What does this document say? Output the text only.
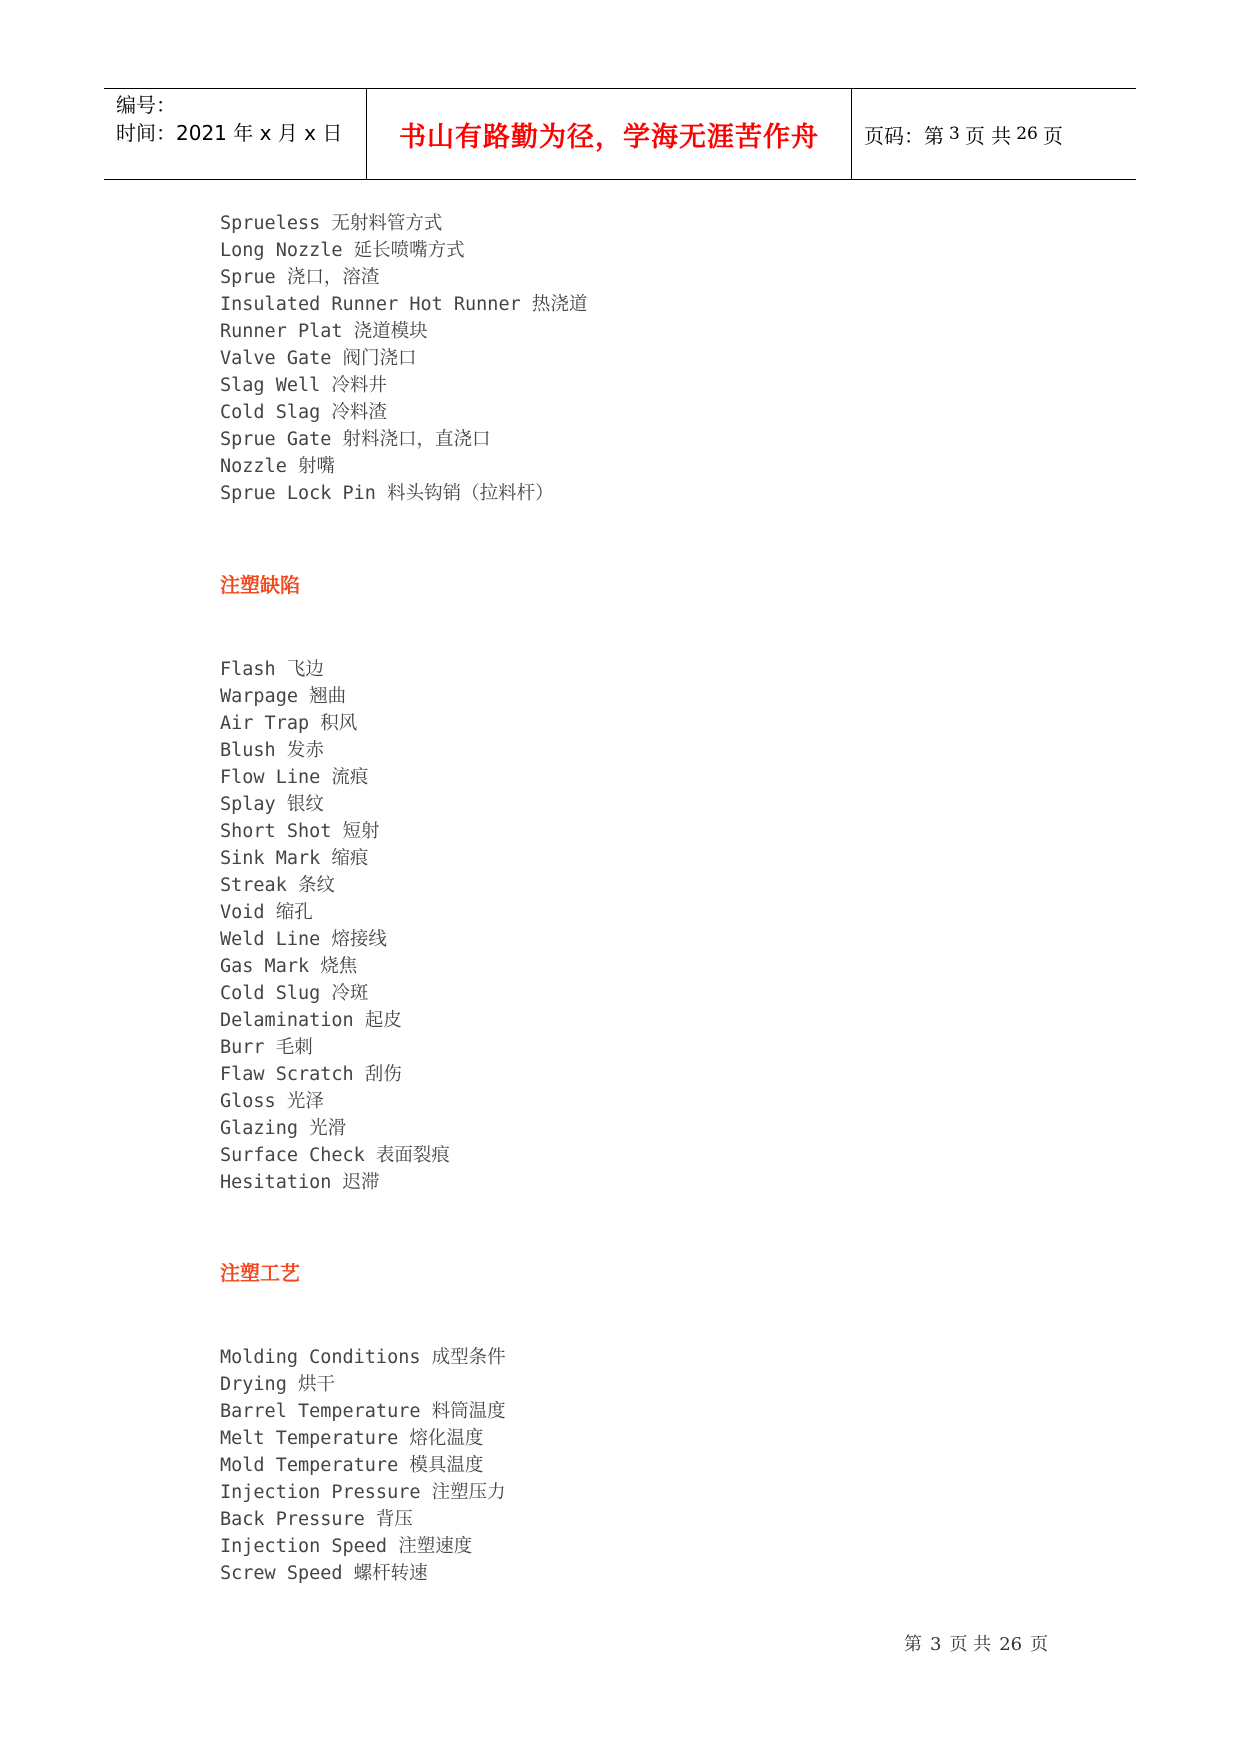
编号：
时间：2021 年 x 月 x 日	书山有路勤为径，学海无涯苦作舟 页码：第 3 页 共 26 页
Sprueless 无射料管方式
Long Nozzle 延长喷嘴方式
Sprue 浇口，溶渣
Insulated Runner Hot Runner 热浇道
Runner Plat 浇道模块
Valve Gate 阀门浇口
Slag Well 冷料井
Cold Slag 冷料渣
Sprue Gate 射料浇口，直浇口
Nozzle 射嘴
Sprue Lock Pin 料头钩销（拉料杆）
注塑缺陷
Flash 飞边
Warpage 翘曲
Air Trap 积风
Blush 发赤
Flow Line 流痕
Splay 银纹
Short Shot 短射
Sink Mark 缩痕
Streak 条纹
Void 缩孔
Weld Line 熔接线
Gas Mark 烧焦
Cold Slug 冷斑
Delamination 起皮
Burr 毛刺
Flaw Scratch 刮伤
Gloss 光泽
Glazing 光滑
Surface Check 表面裂痕
Hesitation 迟滞
注塑工艺
Molding Conditions 成型条件
Drying 烘干
Barrel Temperature 料筒温度
Melt Temperature 熔化温度
Mold Temperature 模具温度
Injection Pressure 注塑压力
Back Pressure 背压
Injection Speed 注塑速度
Screw Speed 螺杆转速
第 3 页 共 26 页
